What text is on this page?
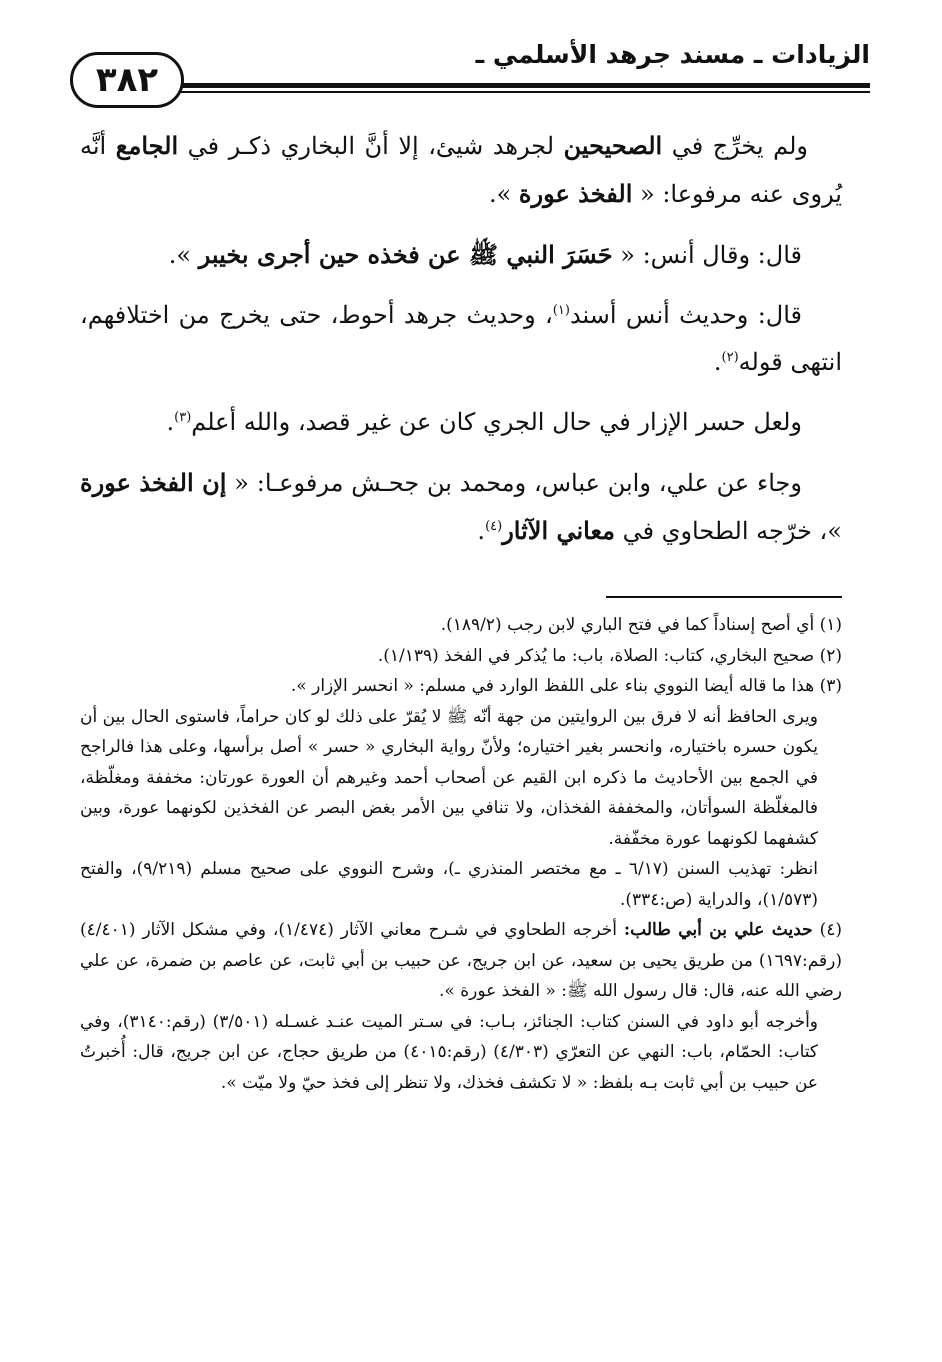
الزيادات ـ مسند جرهد الأسلمي ـ
٣٨٢

ولم يخرِّج في الصحيحين لجرهد شيئ، إلا أنَّ البخاري ذكـر في الجامع أنَّه يُروى عنه مرفوعا: « الفخذ عورة ».

قال: وقال أنس: « حَسَرَ النبي ﷺ عن فخذه حين أجرى بخيبر ».

قال: وحديث أنس أسند$^{(١)}$، وحديث جرهد أحوط، حتى يخرج من اختلافهم، انتهى قوله$^{(٢)}$.

ولعل حسر الإزار في حال الجري كان عن غير قصد، والله أعلم$^{(٣)}$.

وجاء عن علي، وابن عباس، ومحمد بن جحـش مرفوعـا: « إن الفخذ عورة »، خرّجه الطحاوي في معاني الآثار$^{(٤)}$.

(١) أي أصح إسناداً كما في فتح الباري لابن رجب (١٨٩/٢).

(٢) صحيح البخاري، كتاب: الصلاة، باب: ما يُذكر في الفخذ (١/١٣٩).

(٣) هذا ما قاله أيضا النووي بناء على اللفظ الوارد في مسلم: « انحسر الإزار ».

ويرى الحافظ أنه لا فرق بين الروايتين من جهة أنّه ﷺ لا يُقرّ على ذلك لو كان حراماً، فاستوى الحال بين أن يكون حسره باختياره، وانحسر بغير اختياره؛ ولأنّ رواية البخاري « حسر » أصل برأسها، وعلى هذا فالراجح في الجمع بين الأحاديث ما ذكره ابن القيم عن أصحاب أحمد وغيرهم أن العورة عورتان: مخففة ومغلّظة، فالمغلّظة السوأتان، والمخففة الفخذان، ولا تنافي بين الأمر بغض البصر عن الفخذين لكونهما عورة، وبين كشفهما لكونهما عورة مخفّفة.

انظر: تهذيب السنن (٦/١٧ ـ مع مختصر المنذري ـ)، وشرح النووي على صحيح مسلم (٩/٢١٩)، والفتح (١/٥٧٣)، والدراية (ص:٣٣٤).

(٤) حديث علي بن أبي طالب: أخرجه الطحاوي في شـرح معاني الآثار (١/٤٧٤)، وفي مشكل الآثار (٤/٤٠١) (رقم:١٦٩٧) من طريق يحيى بن سعيد، عن ابن جريج، عن حبيب بن أبي ثابت، عن عاصم بن ضمرة، عن علي رضي الله عنه، قال: قال رسول الله ﷺ: « الفخذ عورة ».

وأخرجه أبو داود في السنن كتاب: الجنائز، بـاب: في سـتر الميت عنـد غسـله (٣/٥٠١) (رقم:٣١٤٠)، وفي كتاب: الحمّام، باب: النهي عن التعرّي (٤/٣٠٣) (رقم:٤٠١٥) من طريق حجاج، عن ابن جريج، قال: أُخبرتُ عن حبيب بن أبي ثابت بـه بلفظ: « لا تكشف فخذك، ولا تنظر إلى فخذ حيّ ولا ميّت ».
